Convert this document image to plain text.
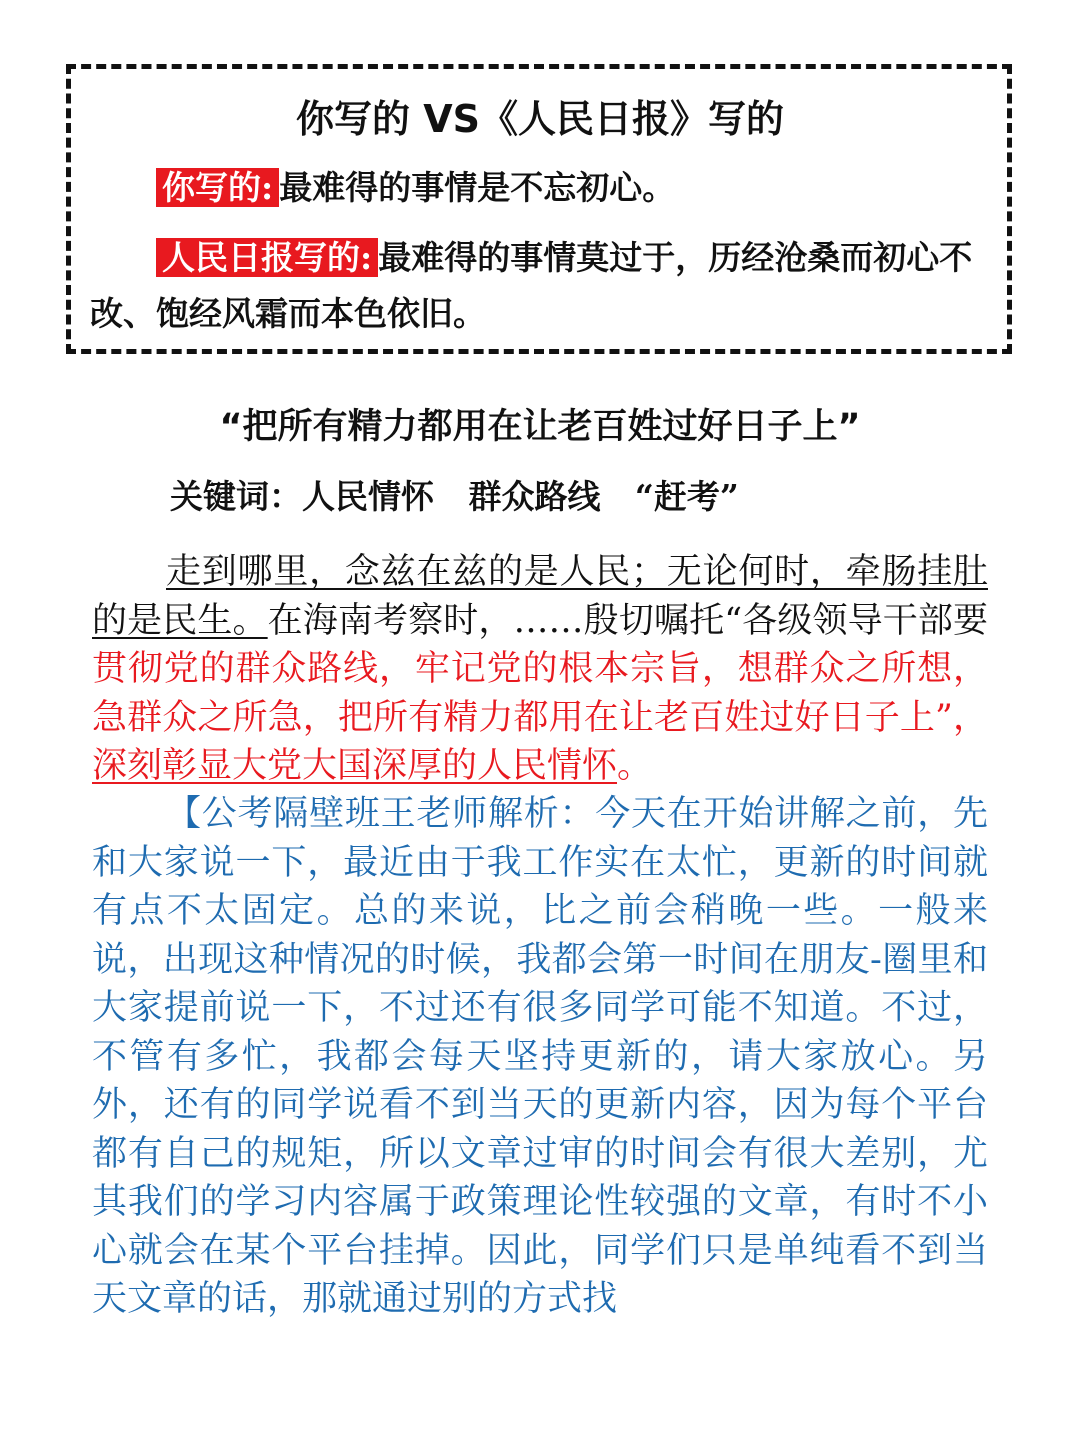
你写的 VS《人民日报》写的
你写的: 最难得的事情是不忘初心。
人民日报写的: 最难得的事情莫过于，历经沧桑而初心不改、饱经风霜而本色依旧。
“把所有精力都用在让老百姓过好日子上”
关键词：人民情怀   群众路线   “赶考”
走到哪里，念兹在兹的是人民；无论何时，牵肠挂肚的是民生。在海南考察时，……殷切嘱托“各级领导干部要贯彻党的群众路线，牢记党的根本宗旨，想群众之所想，急群众之所急，把所有精力都用在让老百姓过好日子上”，深刻彰显大党大国深厚的人民情怀。
【公考隔壁班王老师解析：今天在开始讲解之前，先和大家说一下，最近由于我工作实在太忙，更新的时间就有点不太固定。总的来说，比之前会稍晚一些。一般来说，出现这种情况的时候，我都会第一时间在朋友-圈里和大家提前说一下，不过还有很多同学可能不知道。不过，不管有多忙，我都会每天坚持更新的，请大家放心。另外，还有的同学说看不到当天的更新内容，因为每个平台都有自己的规矩，所以文章过审的时间会有很大差别，尤其我们的学习内容属于政策理论性较强的文章，有时不小心就会在某个平台挂掉。因此，同学们只是单纯看不到当天文章的话，那就通过别的方式找
